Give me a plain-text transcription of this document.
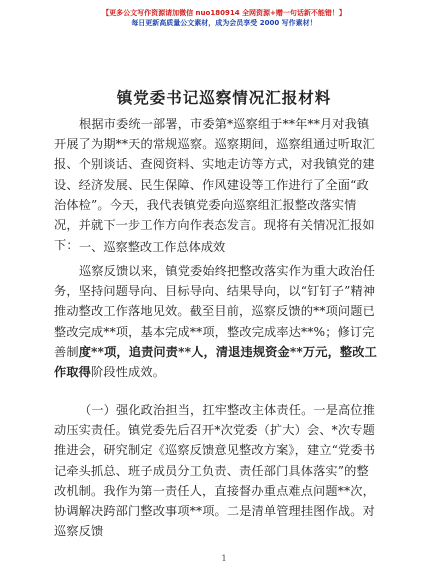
【更多公文写作资源请加微信 nuo180914 全网资源+赠一句话新不能错！】
每日更新高质量公文素材，成为会员享受 2000 写作素材！
镇党委书记巡察情况汇报材料
根据市委统一部署，市委第*巡察组于**年**月对我镇开展了为期**天的常规巡察。巡察期间，巡察组通过听取汇报、个别谈话、查阅资料、实地走访等方式，对我镇党的建设、经济发展、民生保障、作风建设等工作进行了全面“政治体检”。今天，我代表镇党委向巡察组汇报整改落实情况，并就下一步工作方向作表态发言。现将有关情况汇报如下： 一、巡察整改工作总体成效
巡察反馈以来，镇党委始终把整改落实作为重大政治任务，坚持问题导向、目标导向、结果导向，以“钉钉子”精神推动整改工作落地见效。截至目前，巡察反馈的**项问题已整改完成**项，基本完成**项，整改完成率达**%；修订完善制度**项，追责问责**人，清退违规资金**万元，整改工作取得阶段性成效。
（一）强化政治担当，扛牢整改主体责任。一是高位推动压实责任。镇党委先后召开*次党委（扩大）会、*次专题推进会，研究制定《巡察反馈意见整改方案》，建立“党委书记牵头抓总、班子成员分工负责、责任部门具体落实”的整改机制。我作为第一责任人，直接督办重点难点问题**次，协调解决跨部门整改事项**项。二是清单管理挂图作战。对巡察反馈
1
